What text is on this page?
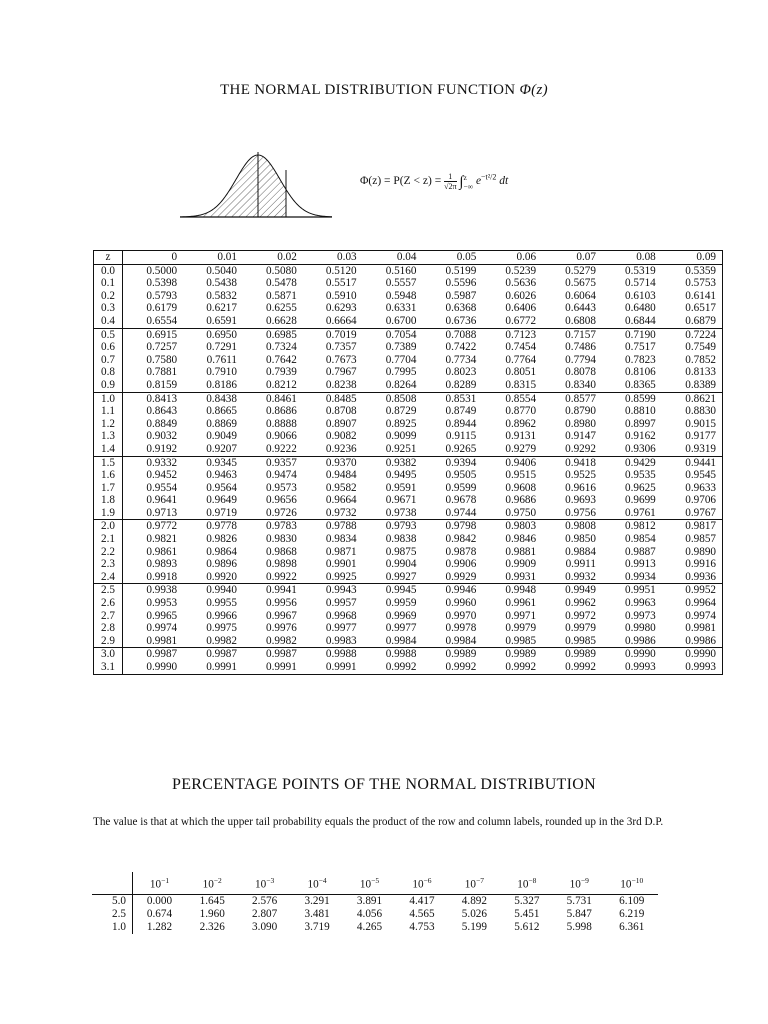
THE NORMAL DISTRIBUTION FUNCTION Φ(z)
$\Phi(z) = P(Z < z) = \frac{1}{√2\pi}$ ∫ z
−∞ $e^{-t^2/2}$ dt
z	0	0.01	0.02	0.03	0.04	0.05	0.06	0.07	0.08	0.09
0.0	0.5000	0.5040	0.5080	0.5120	0.5160	0.5199	0.5239	0.5279	0.5319	0.5359
0.1	0.5398	0.5438	0.5478	0.5517	0.5557	0.5596	0.5636	0.5675	0.5714	0.5753
0.2	0.5793	0.5832	0.5871	0.5910	0.5948	0.5987	0.6026	0.6064	0.6103	0.6141
0.3	0.6179	0.6217	0.6255	0.6293	0.6331	0.6368	0.6406	0.6443	0.6480	0.6517
0.4	0.6554	0.6591	0.6628	0.6664	0.6700	0.6736	0.6772	0.6808	0.6844	0.6879
0.5	0.6915	0.6950	0.6985	0.7019	0.7054	0.7088	0.7123	0.7157	0.7190	0.7224
0.6	0.7257	0.7291	0.7324	0.7357	0.7389	0.7422	0.7454	0.7486	0.7517	0.7549
0.7	0.7580	0.7611	0.7642	0.7673	0.7704	0.7734	0.7764	0.7794	0.7823	0.7852
0.8	0.7881	0.7910	0.7939	0.7967	0.7995	0.8023	0.8051	0.8078	0.8106	0.8133
0.9	0.8159	0.8186	0.8212	0.8238	0.8264	0.8289	0.8315	0.8340	0.8365	0.8389
1.0	0.8413	0.8438	0.8461	0.8485	0.8508	0.8531	0.8554	0.8577	0.8599	0.8621
1.1	0.8643	0.8665	0.8686	0.8708	0.8729	0.8749	0.8770	0.8790	0.8810	0.8830
1.2	0.8849	0.8869	0.8888	0.8907	0.8925	0.8944	0.8962	0.8980	0.8997	0.9015
1.3	0.9032	0.9049	0.9066	0.9082	0.9099	0.9115	0.9131	0.9147	0.9162	0.9177
1.4	0.9192	0.9207	0.9222	0.9236	0.9251	0.9265	0.9279	0.9292	0.9306	0.9319
1.5	0.9332	0.9345	0.9357	0.9370	0.9382	0.9394	0.9406	0.9418	0.9429	0.9441
1.6	0.9452	0.9463	0.9474	0.9484	0.9495	0.9505	0.9515	0.9525	0.9535	0.9545
1.7	0.9554	0.9564	0.9573	0.9582	0.9591	0.9599	0.9608	0.9616	0.9625	0.9633
1.8	0.9641	0.9649	0.9656	0.9664	0.9671	0.9678	0.9686	0.9693	0.9699	0.9706
1.9	0.9713	0.9719	0.9726	0.9732	0.9738	0.9744	0.9750	0.9756	0.9761	0.9767
2.0	0.9772	0.9778	0.9783	0.9788	0.9793	0.9798	0.9803	0.9808	0.9812	0.9817
2.1	0.9821	0.9826	0.9830	0.9834	0.9838	0.9842	0.9846	0.9850	0.9854	0.9857
2.2	0.9861	0.9864	0.9868	0.9871	0.9875	0.9878	0.9881	0.9884	0.9887	0.9890
2.3	0.9893	0.9896	0.9898	0.9901	0.9904	0.9906	0.9909	0.9911	0.9913	0.9916
2.4	0.9918	0.9920	0.9922	0.9925	0.9927	0.9929	0.9931	0.9932	0.9934	0.9936
2.5	0.9938	0.9940	0.9941	0.9943	0.9945	0.9946	0.9948	0.9949	0.9951	0.9952
2.6	0.9953	0.9955	0.9956	0.9957	0.9959	0.9960	0.9961	0.9962	0.9963	0.9964
2.7	0.9965	0.9966	0.9967	0.9968	0.9969	0.9970	0.9971	0.9972	0.9973	0.9974
2.8	0.9974	0.9975	0.9976	0.9977	0.9977	0.9978	0.9979	0.9979	0.9980	0.9981
2.9	0.9981	0.9982	0.9982	0.9983	0.9984	0.9984	0.9985	0.9985	0.9986	0.9986
3.0	0.9987	0.9987	0.9987	0.9988	0.9988	0.9989	0.9989	0.9989	0.9990	0.9990
3.1	0.9990	0.9991	0.9991	0.9991	0.9992	0.9992	0.9992	0.9992	0.9993	0.9993
PERCENTAGE POINTS OF THE NORMAL DISTRIBUTION
The value is that at which the upper tail probability equals the product of the row and column labels, rounded up in the 3rd D.P.
	$10^{-1}$	$10^{-2}$	$10^{-3}$	$10^{-4}$	$10^{-5}$	$10^{-6}$	$10^{-7}$	$10^{-8}$	$10^{-9}$	$10^{-10}$
5.0	0.000	1.645	2.576	3.291	3.891	4.417	4.892	5.327	5.731	6.109
2.5	0.674	1.960	2.807	3.481	4.056	4.565	5.026	5.451	5.847	6.219
1.0	1.282	2.326	3.090	3.719	4.265	4.753	5.199	5.612	5.998	6.361
